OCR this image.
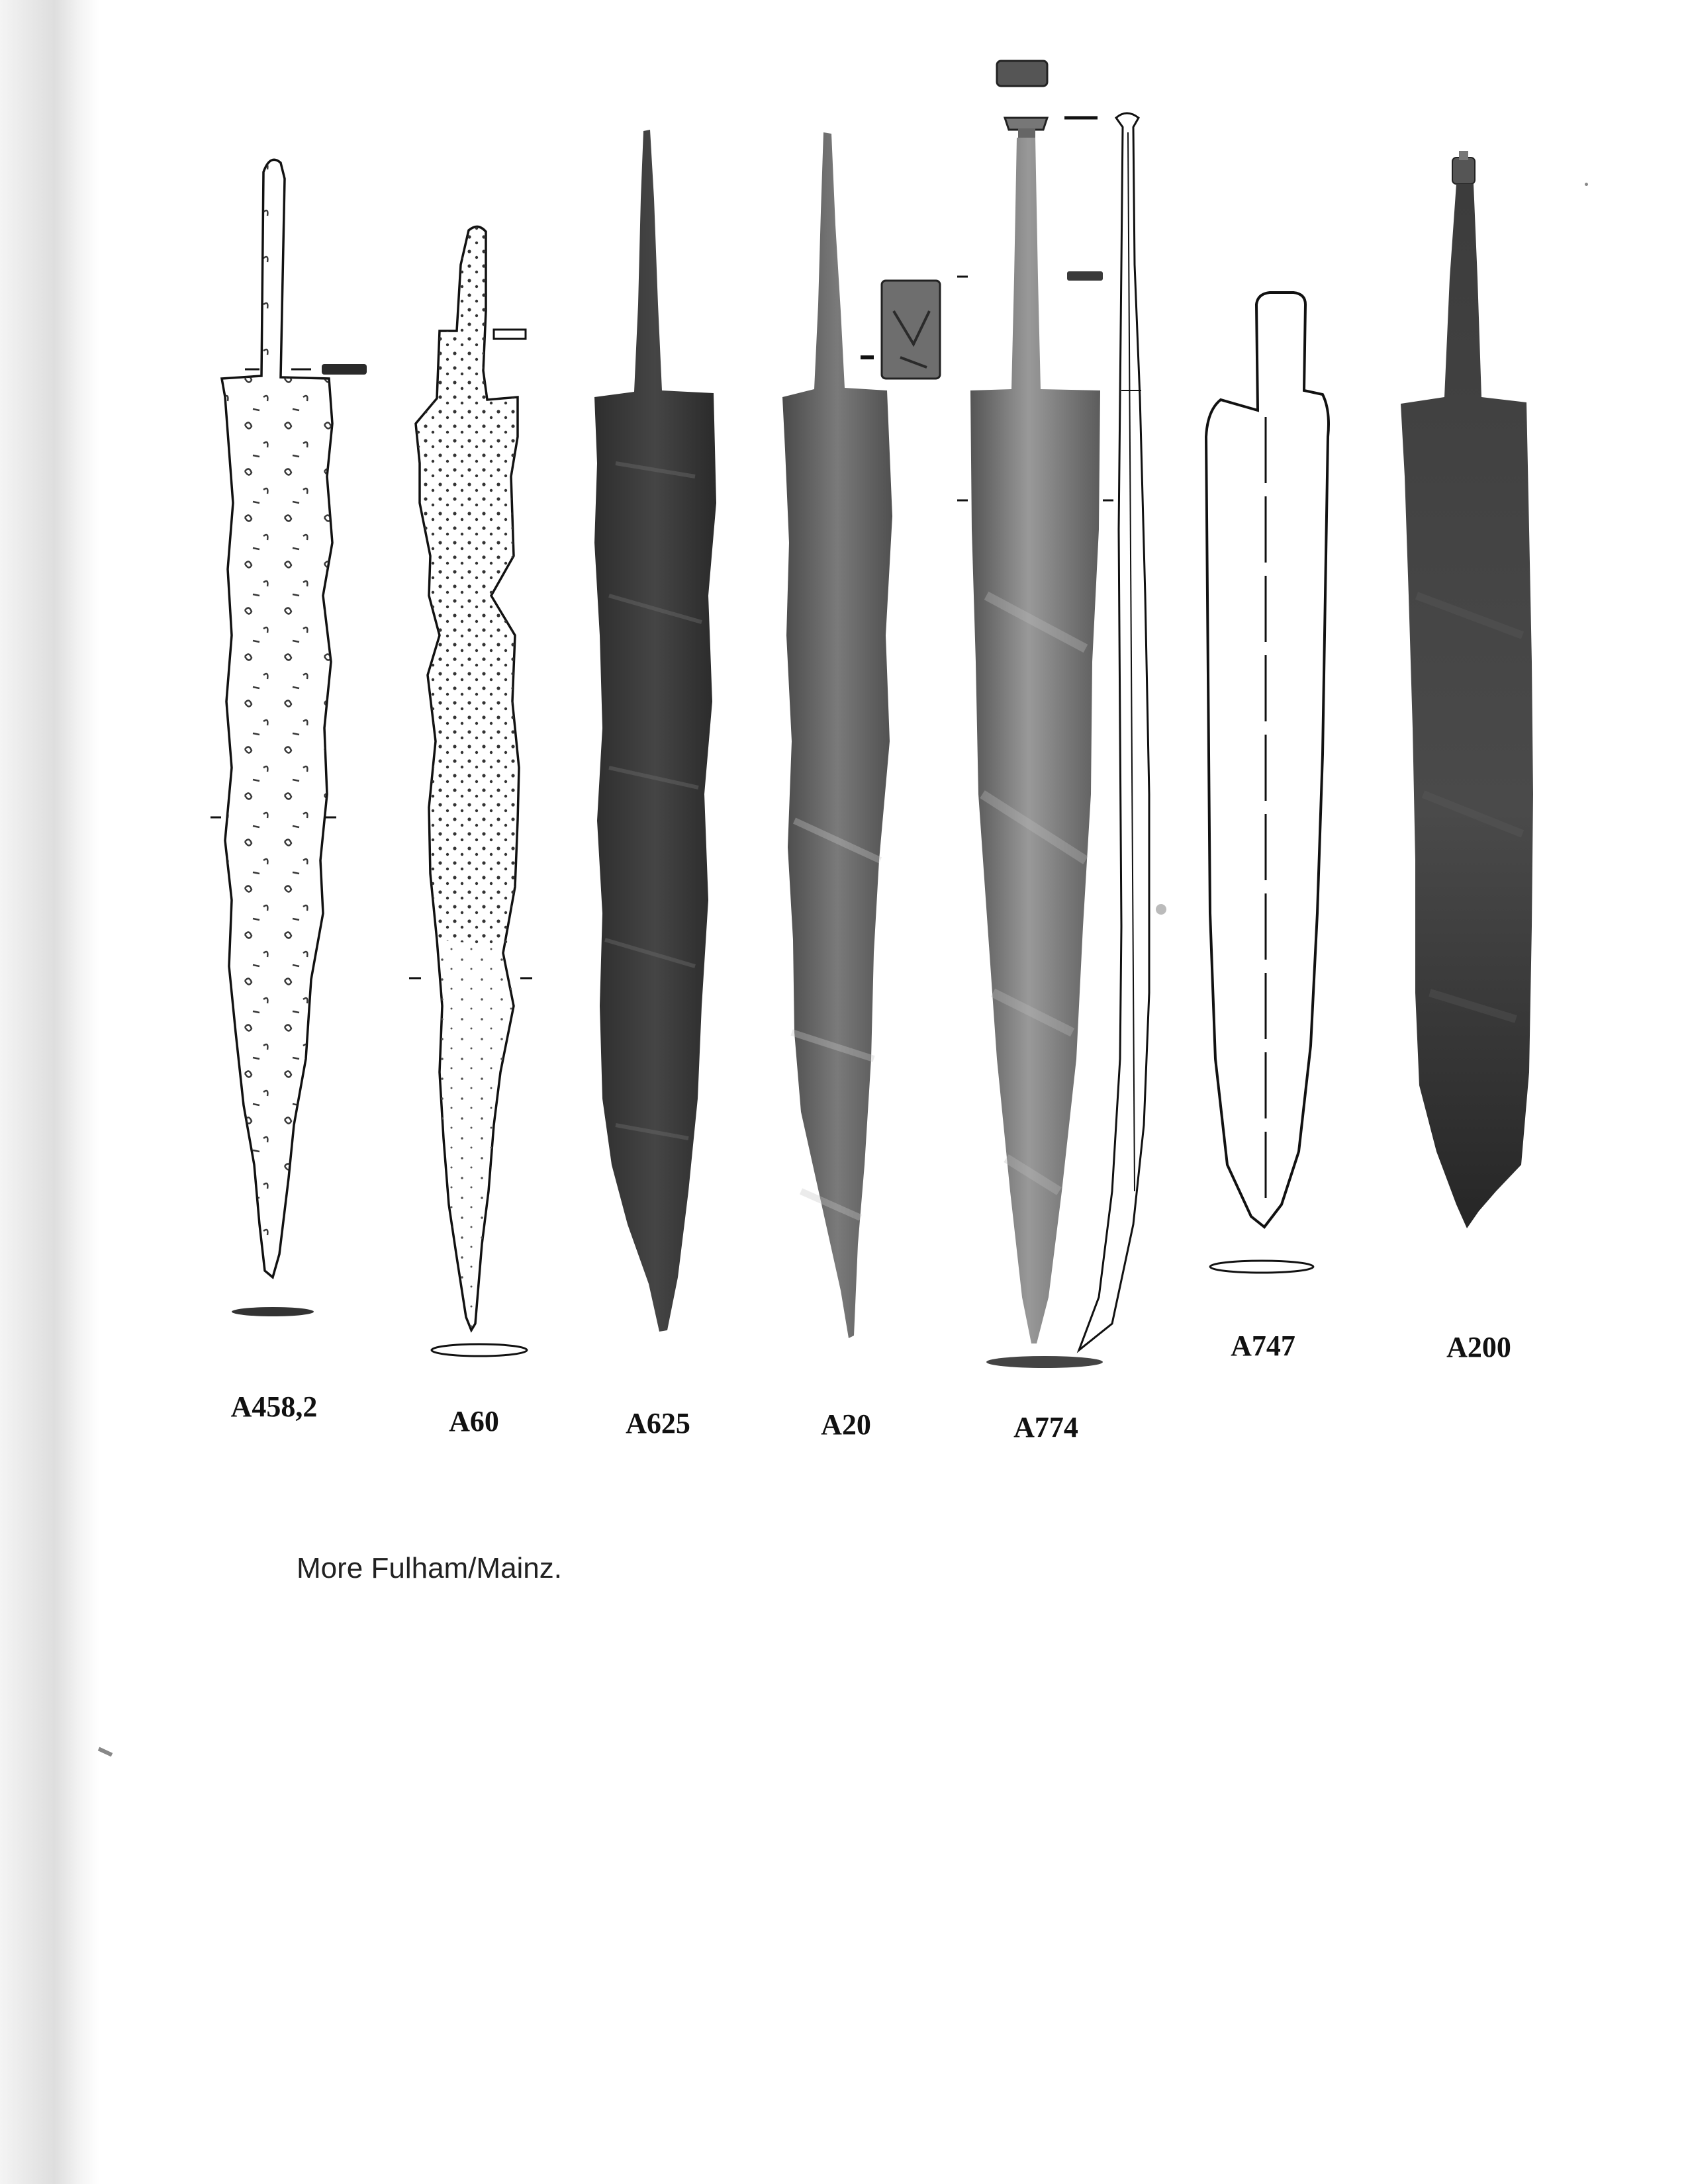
A458,2	A60	A625	A20	A774
A747	A200
More Fulham/Mainz.
